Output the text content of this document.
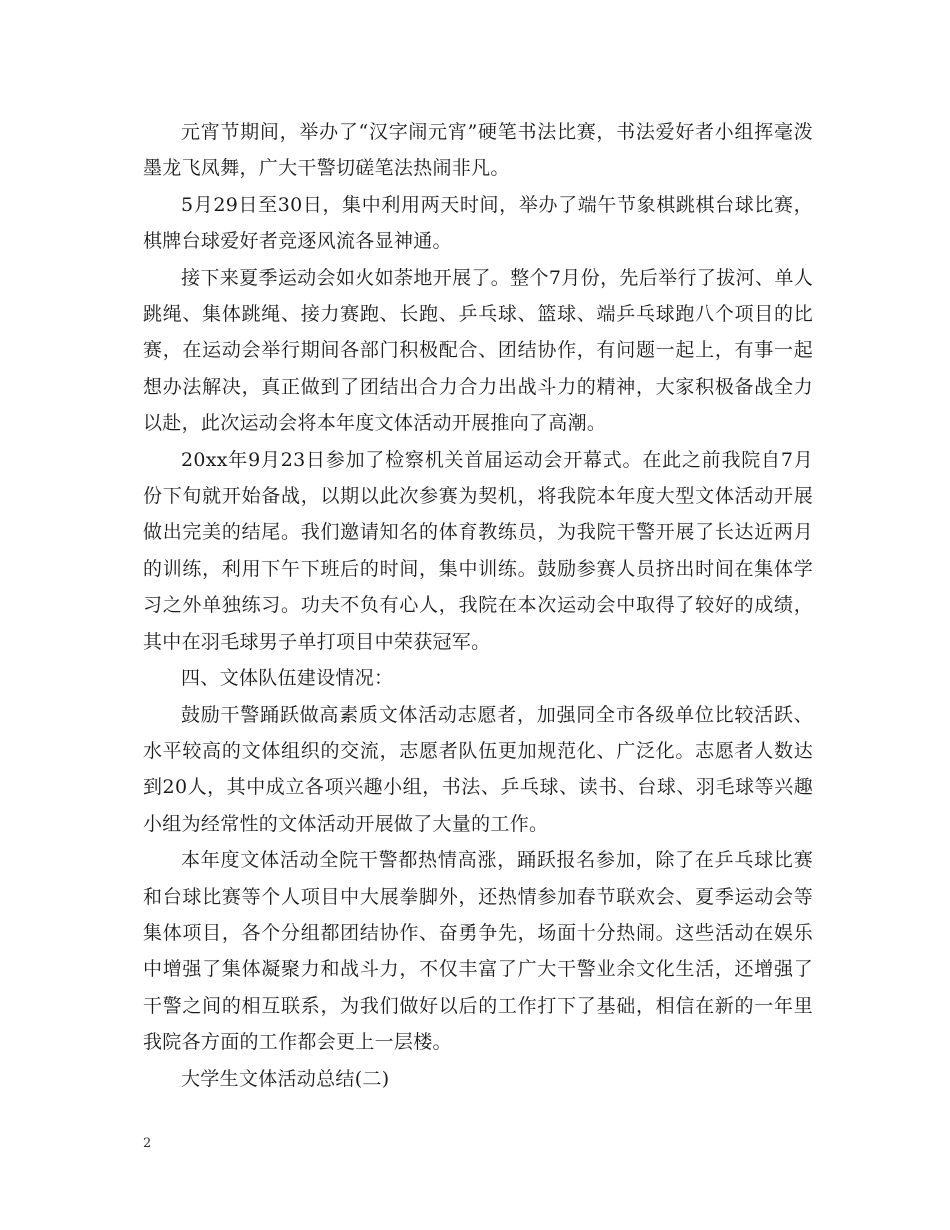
元宵节期间，举办了“汉字闹元宵”硬笔书法比赛，书法爱好者小组挥毫泼墨龙飞凤舞，广大干警切磋笔法热闹非凡。

5月29日至30日，集中利用两天时间，举办了端午节象棋跳棋台球比赛，棋牌台球爱好者竞逐风流各显神通。

接下来夏季运动会如火如荼地开展了。整个7月份，先后举行了拔河、单人跳绳、集体跳绳、接力赛跑、长跑、乒乓球、篮球、端乒乓球跑八个项目的比赛，在运动会举行期间各部门积极配合、团结协作，有问题一起上，有事一起想办法解决，真正做到了团结出合力合力出战斗力的精神，大家积极备战全力以赴，此次运动会将本年度文体活动开展推向了高潮。

20xx年9月23日参加了检察机关首届运动会开幕式。在此之前我院自7月份下旬就开始备战，以期以此次参赛为契机，将我院本年度大型文体活动开展做出完美的结尾。我们邀请知名的体育教练员，为我院干警开展了长达近两月的训练，利用下午下班后的时间，集中训练。鼓励参赛人员挤出时间在集体学习之外单独练习。功夫不负有心人，我院在本次运动会中取得了较好的成绩，其中在羽毛球男子单打项目中荣获冠军。

四、文体队伍建设情况：

鼓励干警踊跃做高素质文体活动志愿者，加强同全市各级单位比较活跃、水平较高的文体组织的交流，志愿者队伍更加规范化、广泛化。志愿者人数达到20人，其中成立各项兴趣小组，书法、乒乓球、读书、台球、羽毛球等兴趣小组为经常性的文体活动开展做了大量的工作。

本年度文体活动全院干警都热情高涨，踊跃报名参加，除了在乒乓球比赛和台球比赛等个人项目中大展拳脚外，还热情参加春节联欢会、夏季运动会等集体项目，各个分组都团结协作、奋勇争先，场面十分热闹。这些活动在娱乐中增强了集体凝聚力和战斗力，不仅丰富了广大干警业余文化生活，还增强了干警之间的相互联系，为我们做好以后的工作打下了基础，相信在新的一年里我院各方面的工作都会更上一层楼。

大学生文体活动总结(二)

2
